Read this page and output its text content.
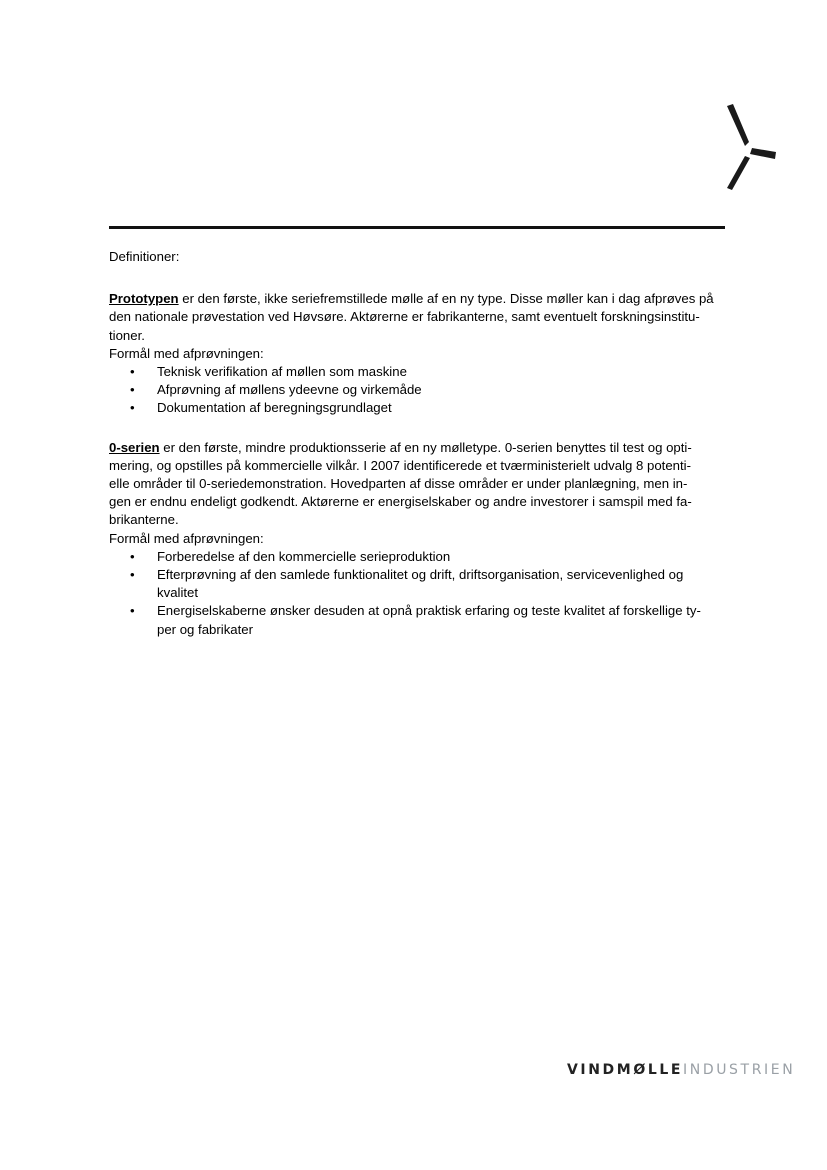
Definitioner:

Prototypen er den første, ikke seriefremstillede mølle af en ny type. Disse møller kan i dag afprøves på
den nationale prøvestation ved Høvsøre. Aktørerne er fabrikanterne, samt eventuelt forskningsinstitu-
tioner.

Formål med afprøvningen:

• Teknisk verifikation af møllen som maskine
• Afprøvning af møllens ydeevne og virkemåde
• Dokumentation af beregningsgrundlaget

0-serien er den første, mindre produktionsserie af en ny mølletype. 0-serien benyttes til test og opti-
mering, og opstilles på kommercielle vilkår. I 2007 identificerede et tværministerielt udvalg 8 potenti-
elle områder til 0-seriedemonstration. Hovedparten af disse områder er under planlægning, men in-
gen er endnu endeligt godkendt. Aktørerne er energiselskaber og andre investorer i samspil med fa-
brikanterne.

Formål med afprøvningen:

• Forberedelse af den kommercielle serieproduktion
• Efterprøvning af den samlede funktionalitet og drift, driftsorganisation, servicevenlighed og
kvalitet
• Energiselskaberne ønsker desuden at opnå praktisk erfaring og teste kvalitet af forskellige ty-
per og fabrikater
VINDMØLLEINDUSTRIEN
